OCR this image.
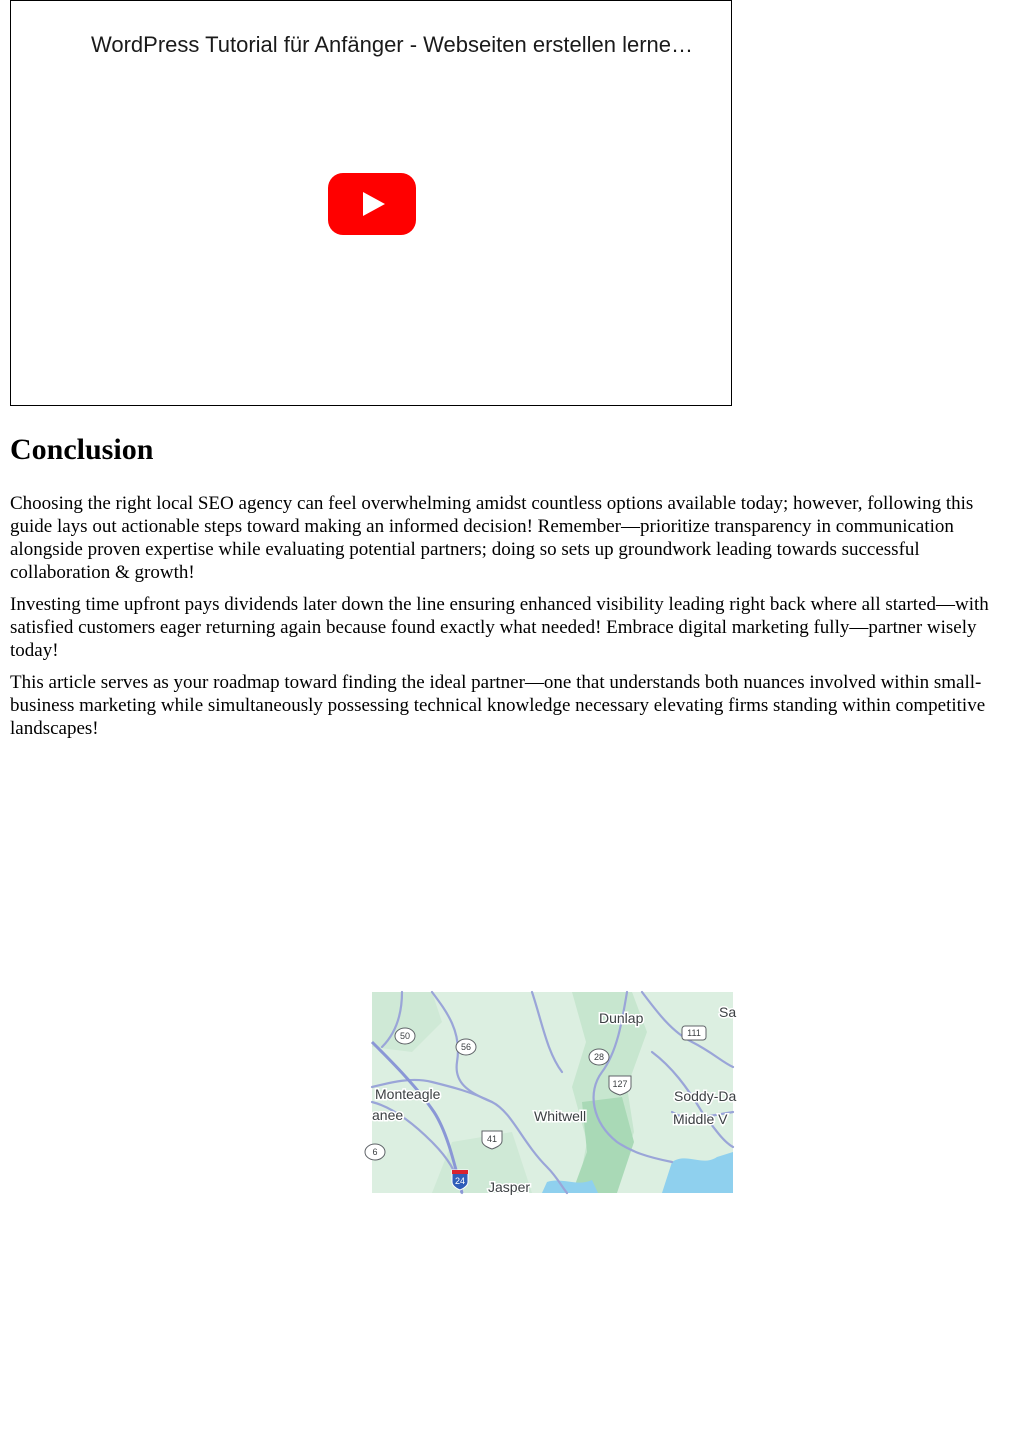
WordPress Tutorial für Anfänger - Webseiten erstellen lerne…
Conclusion

Choosing the right local SEO agency can feel overwhelming amidst countless options available today; however, following this guide lays out actionable steps toward making an informed decision! Remember—prioritize transparency in communication alongside proven expertise while evaluating potential partners; doing so sets up groundwork leading towards successful collaboration & growth!

Investing time upfront pays dividends later down the line ensuring enhanced visibility leading right back where all started—with satisfied customers eager returning again because found exactly what needed! Embrace digital marketing fully—partner wisely today!

This article serves as your roadmap toward finding the ideal partner—one that understands both nuances involved within small-business marketing while simultaneously possessing technical knowledge necessary elevating firms standing within competitive landscapes!

50
56
111
28
127
41
24
6
Dunlap	Sa
Monteagle
anee	Whitwell
Soddy-Da
Middle V
Jasper
